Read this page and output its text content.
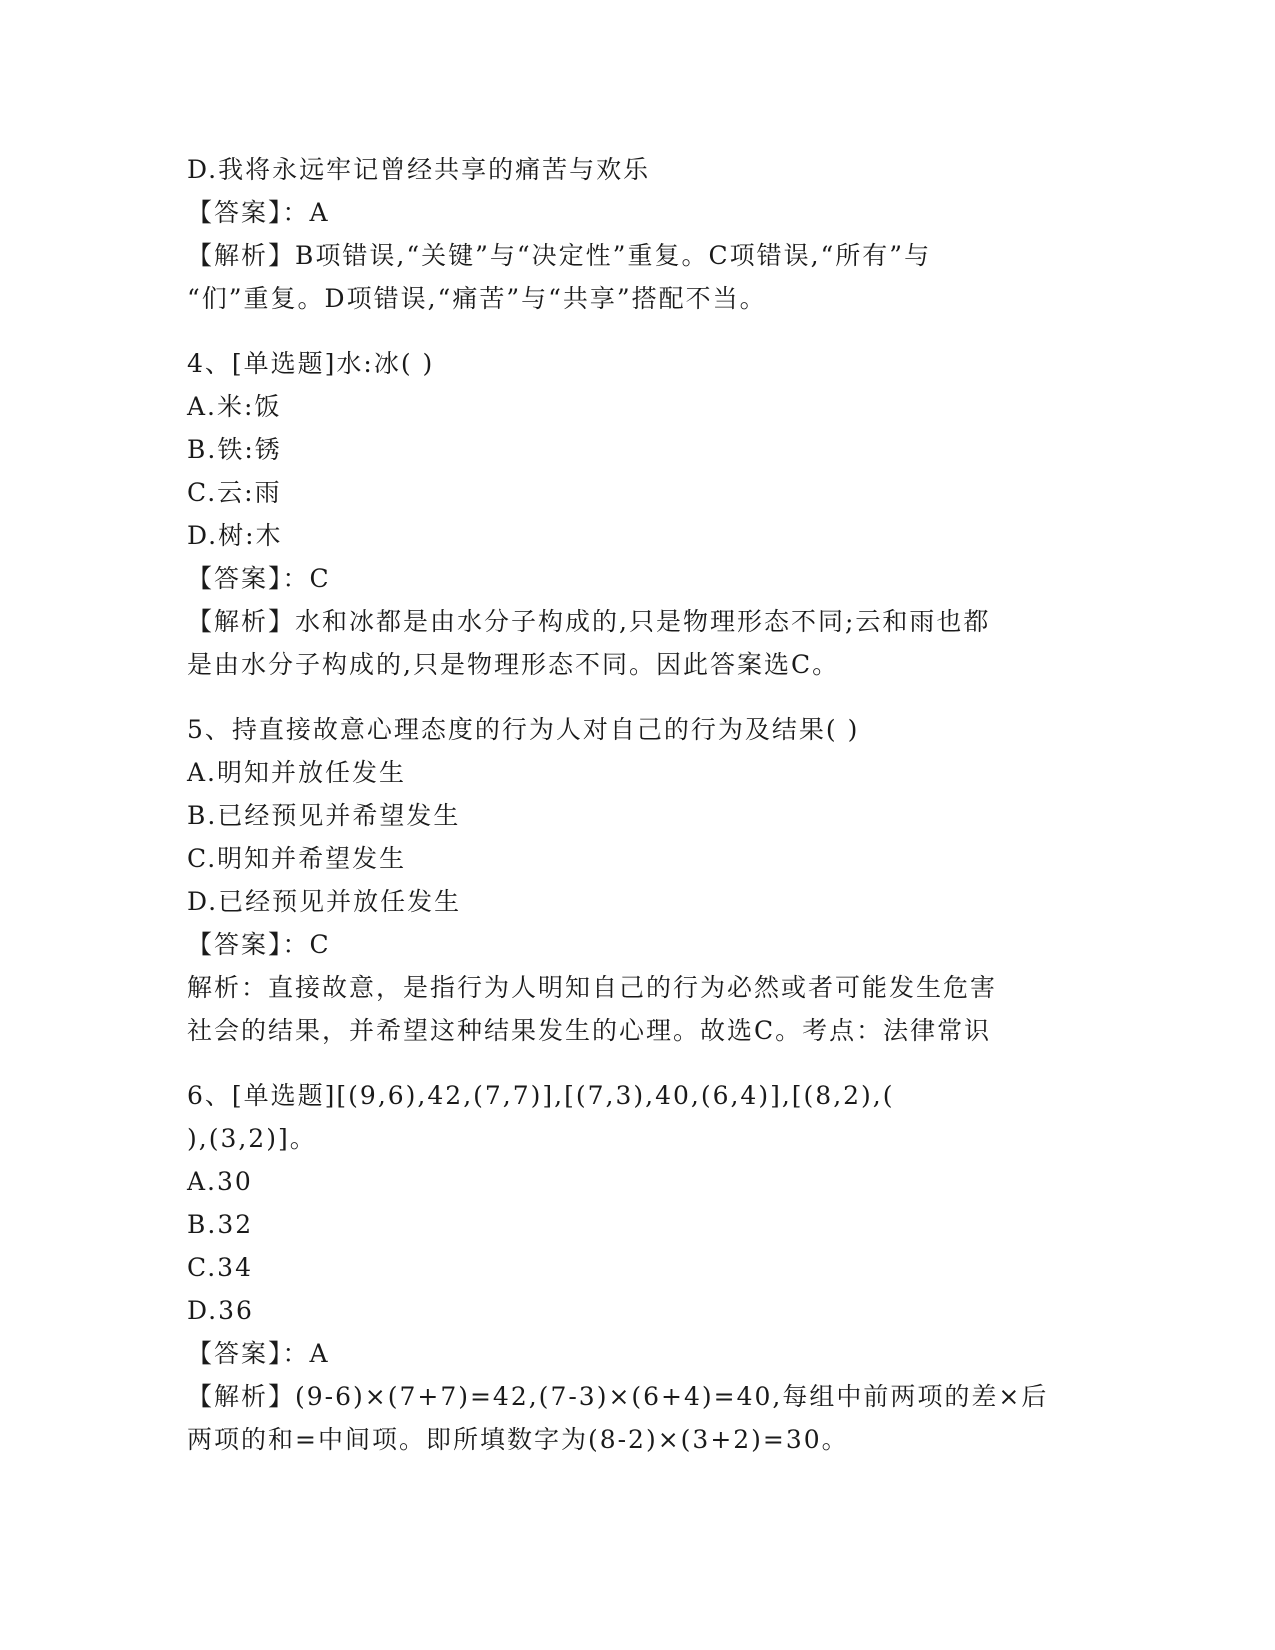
D.我将永远牢记曾经共享的痛苦与欢乐
【答案】：A
【解析】B项错误,“关键”与“决定性”重复。C项错误,“所有”与
“们”重复。D项错误,“痛苦”与“共享”搭配不当。
4、[单选题]水:冰( )
A.米:饭
B.铁:锈
C.云:雨
D.树:木
【答案】：C
【解析】水和冰都是由水分子构成的,只是物理形态不同;云和雨也都
是由水分子构成的,只是物理形态不同。因此答案选C。
5、持直接故意心理态度的行为人对自己的行为及结果( )
A.明知并放任发生
B.已经预见并希望发生
C.明知并希望发生
D.已经预见并放任发生
【答案】：C
解析：直接故意，是指行为人明知自己的行为必然或者可能发生危害
社会的结果，并希望这种结果发生的心理。故选C。考点：法律常识
6、[单选题][(9,6),42,(7,7)],[(7,3),40,(6,4)],[(8,2),(
),(3,2)]。
A.30
B.32
C.34
D.36
【答案】：A
【解析】(9-6)×(7+7)=42,(7-3)×(6+4)=40,每组中前两项的差×后
两项的和=中间项。即所填数字为(8-2)×(3+2)=30。
